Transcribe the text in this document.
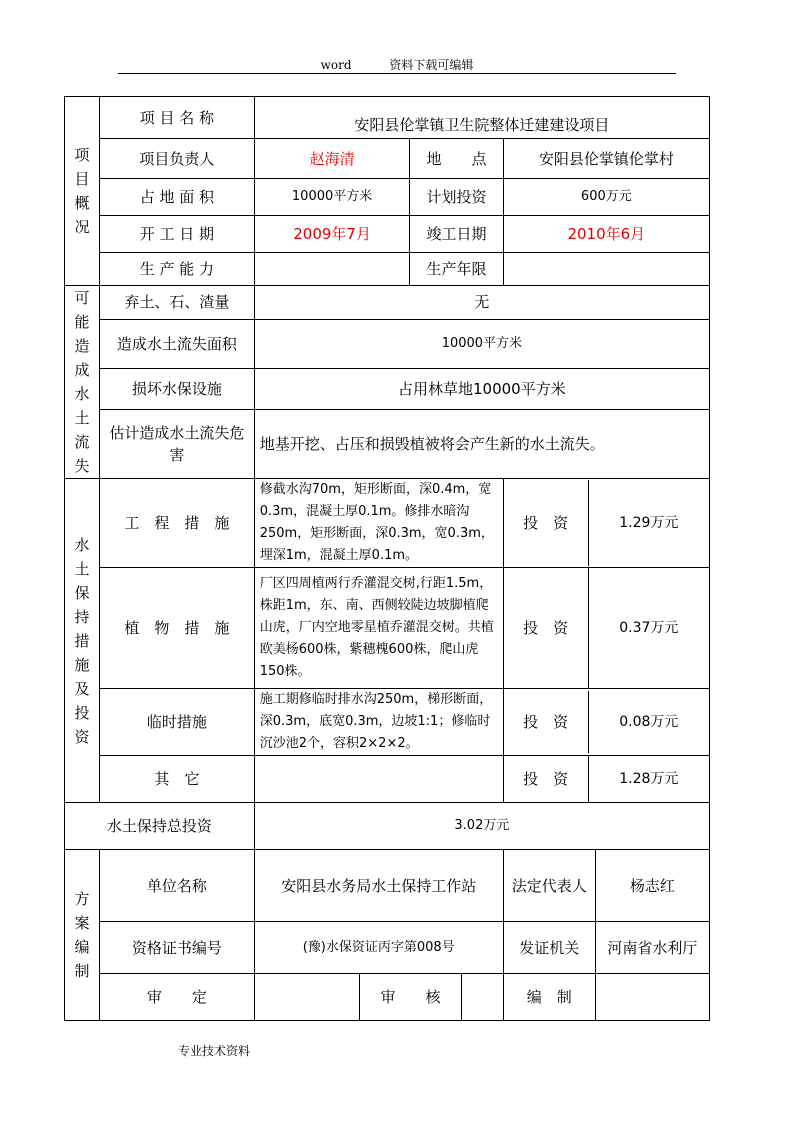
word	资料下载可编辑
项目概况	项 目 名 称	安阳县伦掌镇卫生院整体迁建建设项目					
	项目负责人	赵海清		地　　点		安阳县伦掌镇伦掌村	
	占 地 面 积	10000平方米		计划投资		600万元	
	开 工 日 期	2009年7月		竣工日期		2010年6月	
	生 产 能 力			生产年限			
可能造成水土流失	弃土、石、渣量	无					
	造成水土流失面积	10000平方米					
	损坏水保设施	占用林草地10000平方米					
	估计造成水土流失危害	地基开挖、占压和损毁植被将会产生新的水土流失。					
水土保持措施及投资	工　程　措　施	修截水沟70m，矩形断面，深0.4m，宽0.3m，混凝土厚0.1m。修排水暗沟250m，矩形断面，深0.3m，宽0.3m，埋深1m，混凝土厚0.1m。				投　资 1.29万元	

	植　物　措　施	厂区四周植两行乔灌混交树,行距1.5m，株距1m，东、南、西侧较陡边坡脚植爬山虎，厂内空地零星植乔灌混交树。共植欧美杨600株，紫穗槐600株，爬山虎150株。				投　资 0.37万元	

	临时措施	施工期修临时排水沟250m，梯形断面，深0.3m，底宽0.3m，边坡1:1；修临时沉沙池2个，容积2×2×2。				投　资 0.08万元	

	其　它					投　资 1.28万元	

水土保持总投资		3.02万元					
方案编制	单位名称	安阳县水务局水土保持工作站				法定代表人	杨志红
	资格证书编号	(豫)水保资证丙字第008号				发证机关	河南省水利厅
	审　　定		审　　核			编　制	
专业技术资料
